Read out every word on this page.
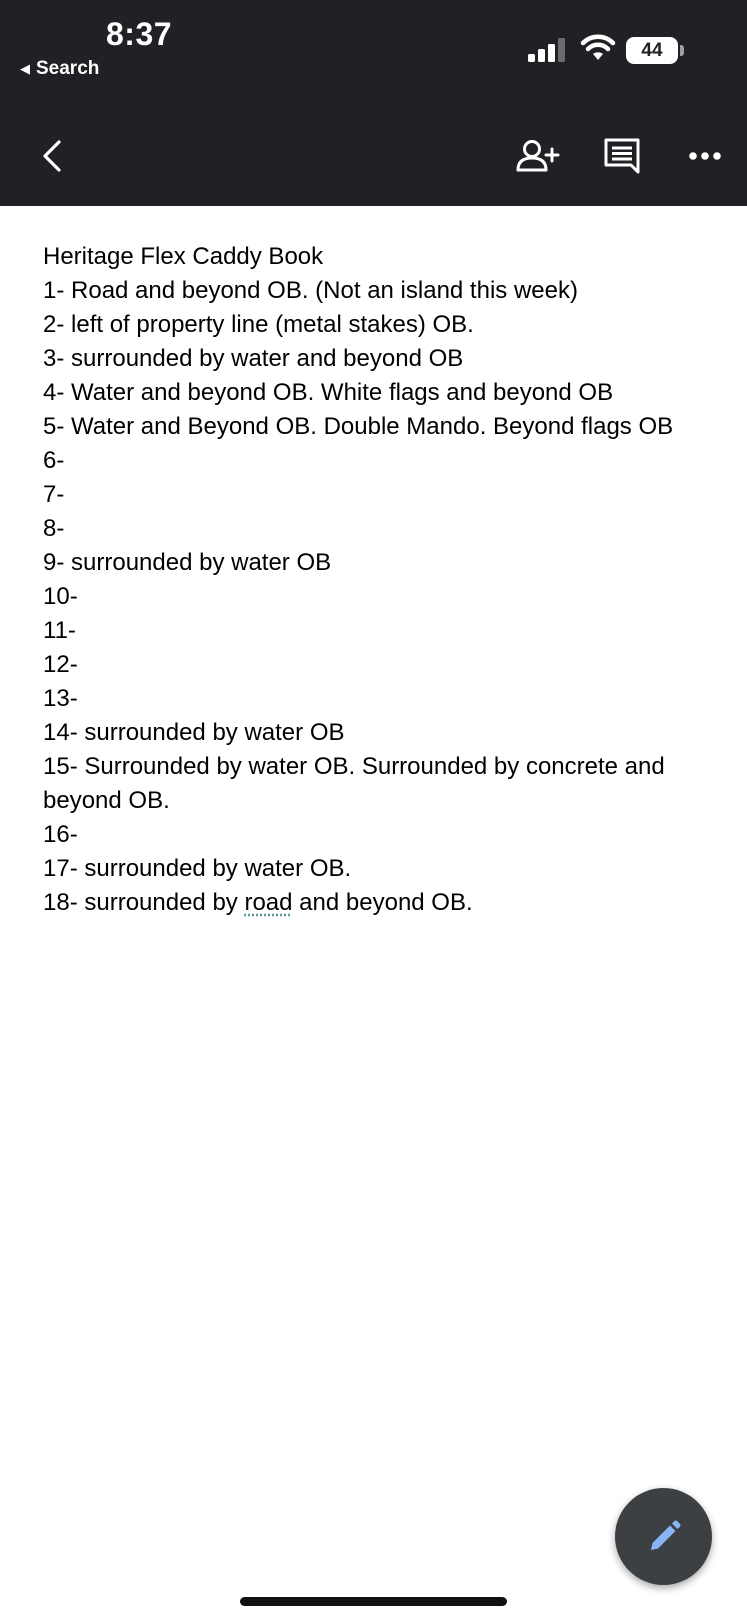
8:37
◀ Search
44
Heritage Flex Caddy Book
1- Road and beyond OB. (Not an island this week)
2- left of property line (metal stakes) OB.
3- surrounded by water and beyond OB
4- Water and beyond OB. White flags and beyond OB
5- Water and Beyond OB. Double Mando. Beyond flags OB
6-
7-
8-
9- surrounded by water OB
10-
11-
12-
13-
14- surrounded by water OB
15- Surrounded by water OB. Surrounded by concrete and beyond OB.
16-
17- surrounded by water OB.
18- surrounded by road and beyond OB.
